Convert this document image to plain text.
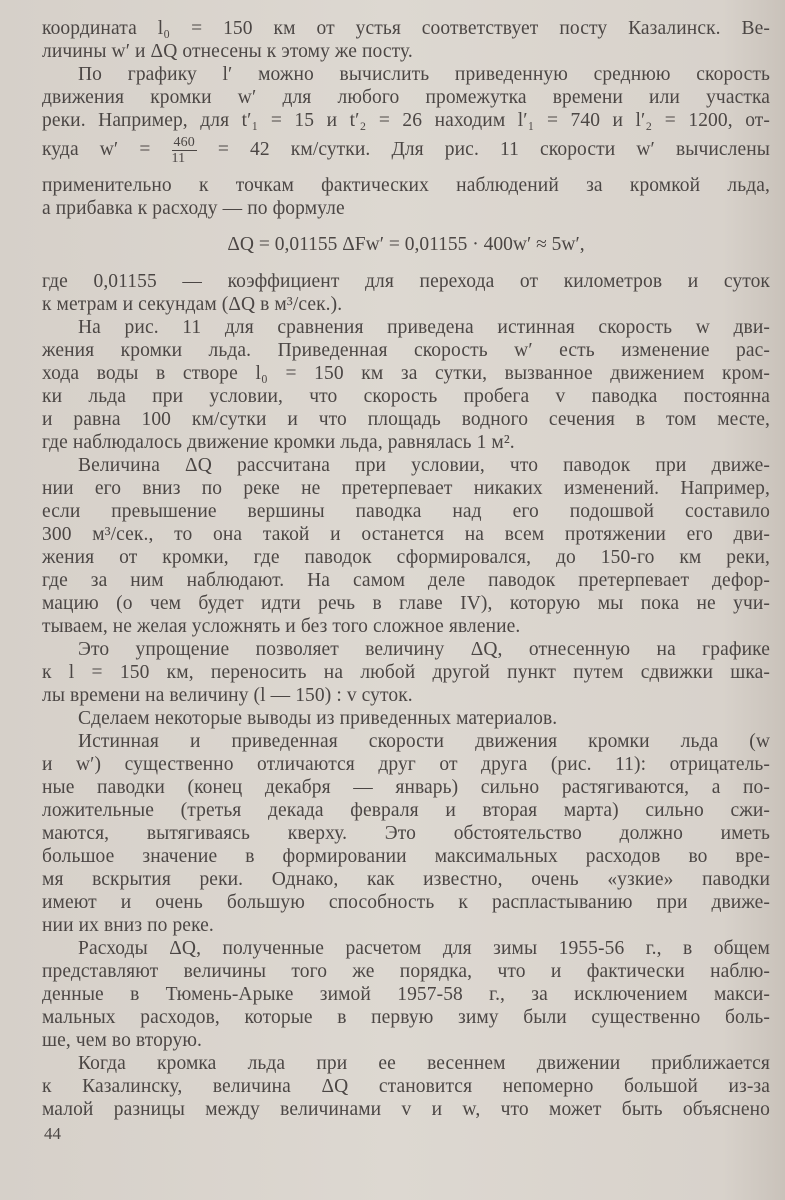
координата l₀ = 150 км от устья соответствует посту Казалинск. Ве-
личины w′ и ΔQ отнесены к этому же посту.
По графику l′ можно вычислить приведенную среднюю скорость
движения кромки w′ для любого промежутка времени или участка
реки. Например, для t′₁ = 15 и t′₂ = 26 находим l′₁ = 740 и l′₂ = 1200, от-
куда $w' = \frac{460}{11} = 42$ км/сутки. Для рис. 11 скорости w′ вычислены
применительно к точкам фактических наблюдений за кромкой льда,
а прибавка к расходу — по формуле
ΔQ = 0,01155 ΔFw′ = 0,01155 · 400w′ ≈ 5w′,
где 0,01155 — коэффициент для перехода от километров и суток
к метрам и секундам (ΔQ в м³/сек.).
На рис. 11 для сравнения приведена истинная скорость w дви-
жения кромки льда. Приведенная скорость w′ есть изменение рас-
хода воды в створе l₀ = 150 км за сутки, вызванное движением кром-
ки льда при условии, что скорость пробега v паводка постоянна
и равна 100 км/сутки и что площадь водного сечения в том месте,
где наблюдалось движение кромки льда, равнялась 1 м².
Величина ΔQ рассчитана при условии, что паводок при движе-
нии его вниз по реке не претерпевает никаких изменений. Например,
если превышение вершины паводка над его подошвой составило
300 м³/сек., то она такой и останется на всем протяжении его дви-
жения от кромки, где паводок сформировался, до 150-го км реки,
где за ним наблюдают. На самом деле паводок претерпевает дефор-
мацию (о чем будет идти речь в главе IV), которую мы пока не учи-
тываем, не желая усложнять и без того сложное явление.
Это упрощение позволяет величину ΔQ, отнесенную на графике
к l = 150 км, переносить на любой другой пункт путем сдвижки шка-
лы времени на величину (l — 150) : v суток.
Сделаем некоторые выводы из приведенных материалов.
Истинная и приведенная скорости движения кромки льда (w
и w′) существенно отличаются друг от друга (рис. 11): отрицатель-
ные паводки (конец декабря — январь) сильно растягиваются, а по-
ложительные (третья декада февраля и вторая марта) сильно сжи-
маются, вытягиваясь кверху. Это обстоятельство должно иметь
большое значение в формировании максимальных расходов во вре-
мя вскрытия реки. Однако, как известно, очень «узкие» паводки
имеют и очень большую способность к распластыванию при движе-
нии их вниз по реке.
Расходы ΔQ, полученные расчетом для зимы 1955-56 г., в общем
представляют величины того же порядка, что и фактически наблю-
денные в Тюмень-Арыке зимой 1957-58 г., за исключением макси-
мальных расходов, которые в первую зиму были существенно боль-
ше, чем во вторую.
Когда кромка льда при ее весеннем движении приближается
к Казалинску, величина ΔQ становится непомерно большой из-за
малой разницы между величинами v и w, что может быть объяснено
44
